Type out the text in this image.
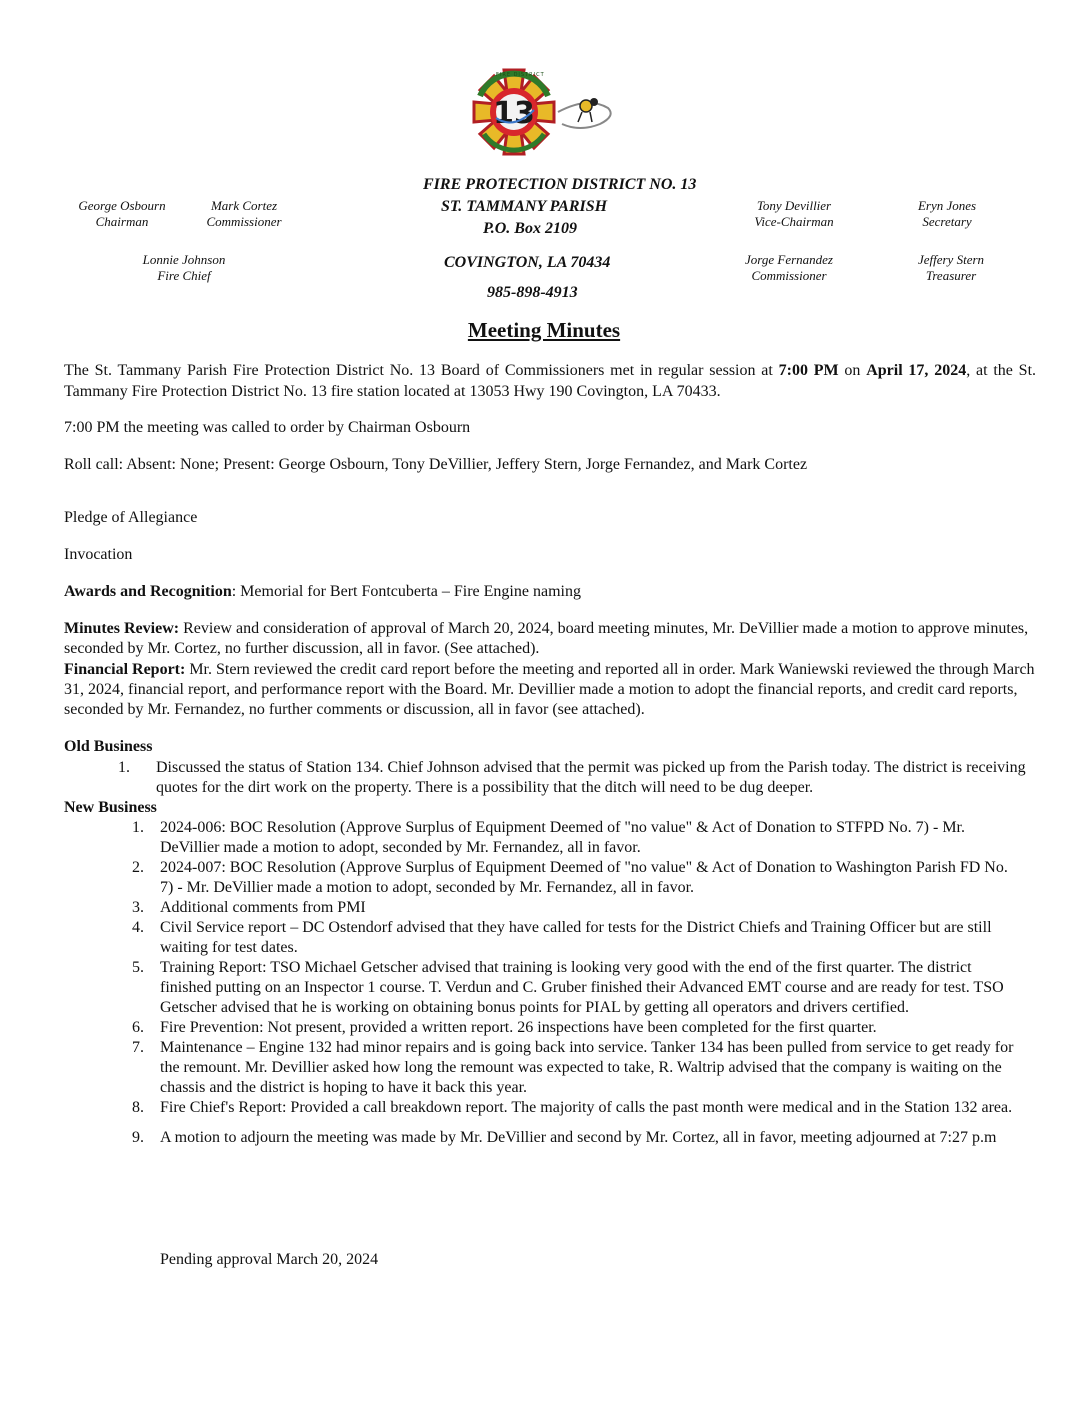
13
FIRE DISTRICT
FIRE PROTECTION DISTRICT NO. 13
ST. TAMMANY PARISH
P.O. Box 2109
COVINGTON, LA 70434
985-898-4913
George Osbourn
Chairman
Mark Cortez
Commissioner
Lonnie Johnson
Fire Chief
Tony Devillier
Vice-Chairman
Eryn Jones
Secretary
Jorge Fernandez
Commissioner
Jeffery Stern
Treasurer
Meeting Minutes
The St. Tammany Parish Fire Protection District No. 13 Board of Commissioners met in regular session at 7:00 PM on April 17, 2024, at the St. Tammany Fire Protection District No. 13 fire station located at 13053 Hwy 190 Covington, LA 70433.
7:00 PM the meeting was called to order by Chairman Osbourn
Roll call: Absent: None; Present: George Osbourn, Tony DeVillier, Jeffery Stern, Jorge Fernandez, and Mark Cortez
Pledge of Allegiance
Invocation
Awards and Recognition: Memorial for Bert Fontcuberta – Fire Engine naming
Minutes Review: Review and consideration of approval of March 20, 2024, board meeting minutes, Mr. DeVillier made a motion to approve minutes, seconded by Mr. Cortez, no further discussion, all in favor. (See attached).
Financial Report: Mr. Stern reviewed the credit card report before the meeting and reported all in order. Mark Waniewski reviewed the through March 31, 2024, financial report, and performance report with the Board. Mr. Devillier made a motion to adopt the financial reports, and credit card reports, seconded by Mr. Fernandez, no further comments or discussion, all in favor (see attached).
Old Business
1.	Discussed the status of Station 134. Chief Johnson advised that the permit was picked up from the Parish today. The district is receiving quotes for the dirt work on the property. There is a possibility that the ditch will need to be dug deeper.
New Business
1. 2024-006: BOC Resolution (Approve Surplus of Equipment Deemed of "no value" & Act of Donation to STFPD No. 7) - Mr. DeVillier made a motion to adopt, seconded by Mr. Fernandez, all in favor.
2. 2024-007: BOC Resolution (Approve Surplus of Equipment Deemed of "no value" & Act of Donation to Washington Parish FD No. 7) - Mr. DeVillier made a motion to adopt, seconded by Mr. Fernandez, all in favor.
3. Additional comments from PMI
4. Civil Service report – DC Ostendorf advised that they have called for tests for the District Chiefs and Training Officer but are still waiting for test dates.
5. Training Report: TSO Michael Getscher advised that training is looking very good with the end of the first quarter. The district finished putting on an Inspector 1 course. T. Verdun and C. Gruber finished their Advanced EMT course and are ready for test. TSO Getscher advised that he is working on obtaining bonus points for PIAL by getting all operators and drivers certified.
6. Fire Prevention: Not present, provided a written report. 26 inspections have been completed for the first quarter.
7. Maintenance – Engine 132 had minor repairs and is going back into service. Tanker 134 has been pulled from service to get ready for the remount. Mr. Devillier asked how long the remount was expected to take, R. Waltrip advised that the company is waiting on the chassis and the district is hoping to have it back this year.
8. Fire Chief's Report: Provided a call breakdown report. The majority of calls the past month were medical and in the Station 132 area.
9. A motion to adjourn the meeting was made by Mr. DeVillier and second by Mr. Cortez, all in favor, meeting adjourned at 7:27 p.m
Pending approval March 20, 2024
